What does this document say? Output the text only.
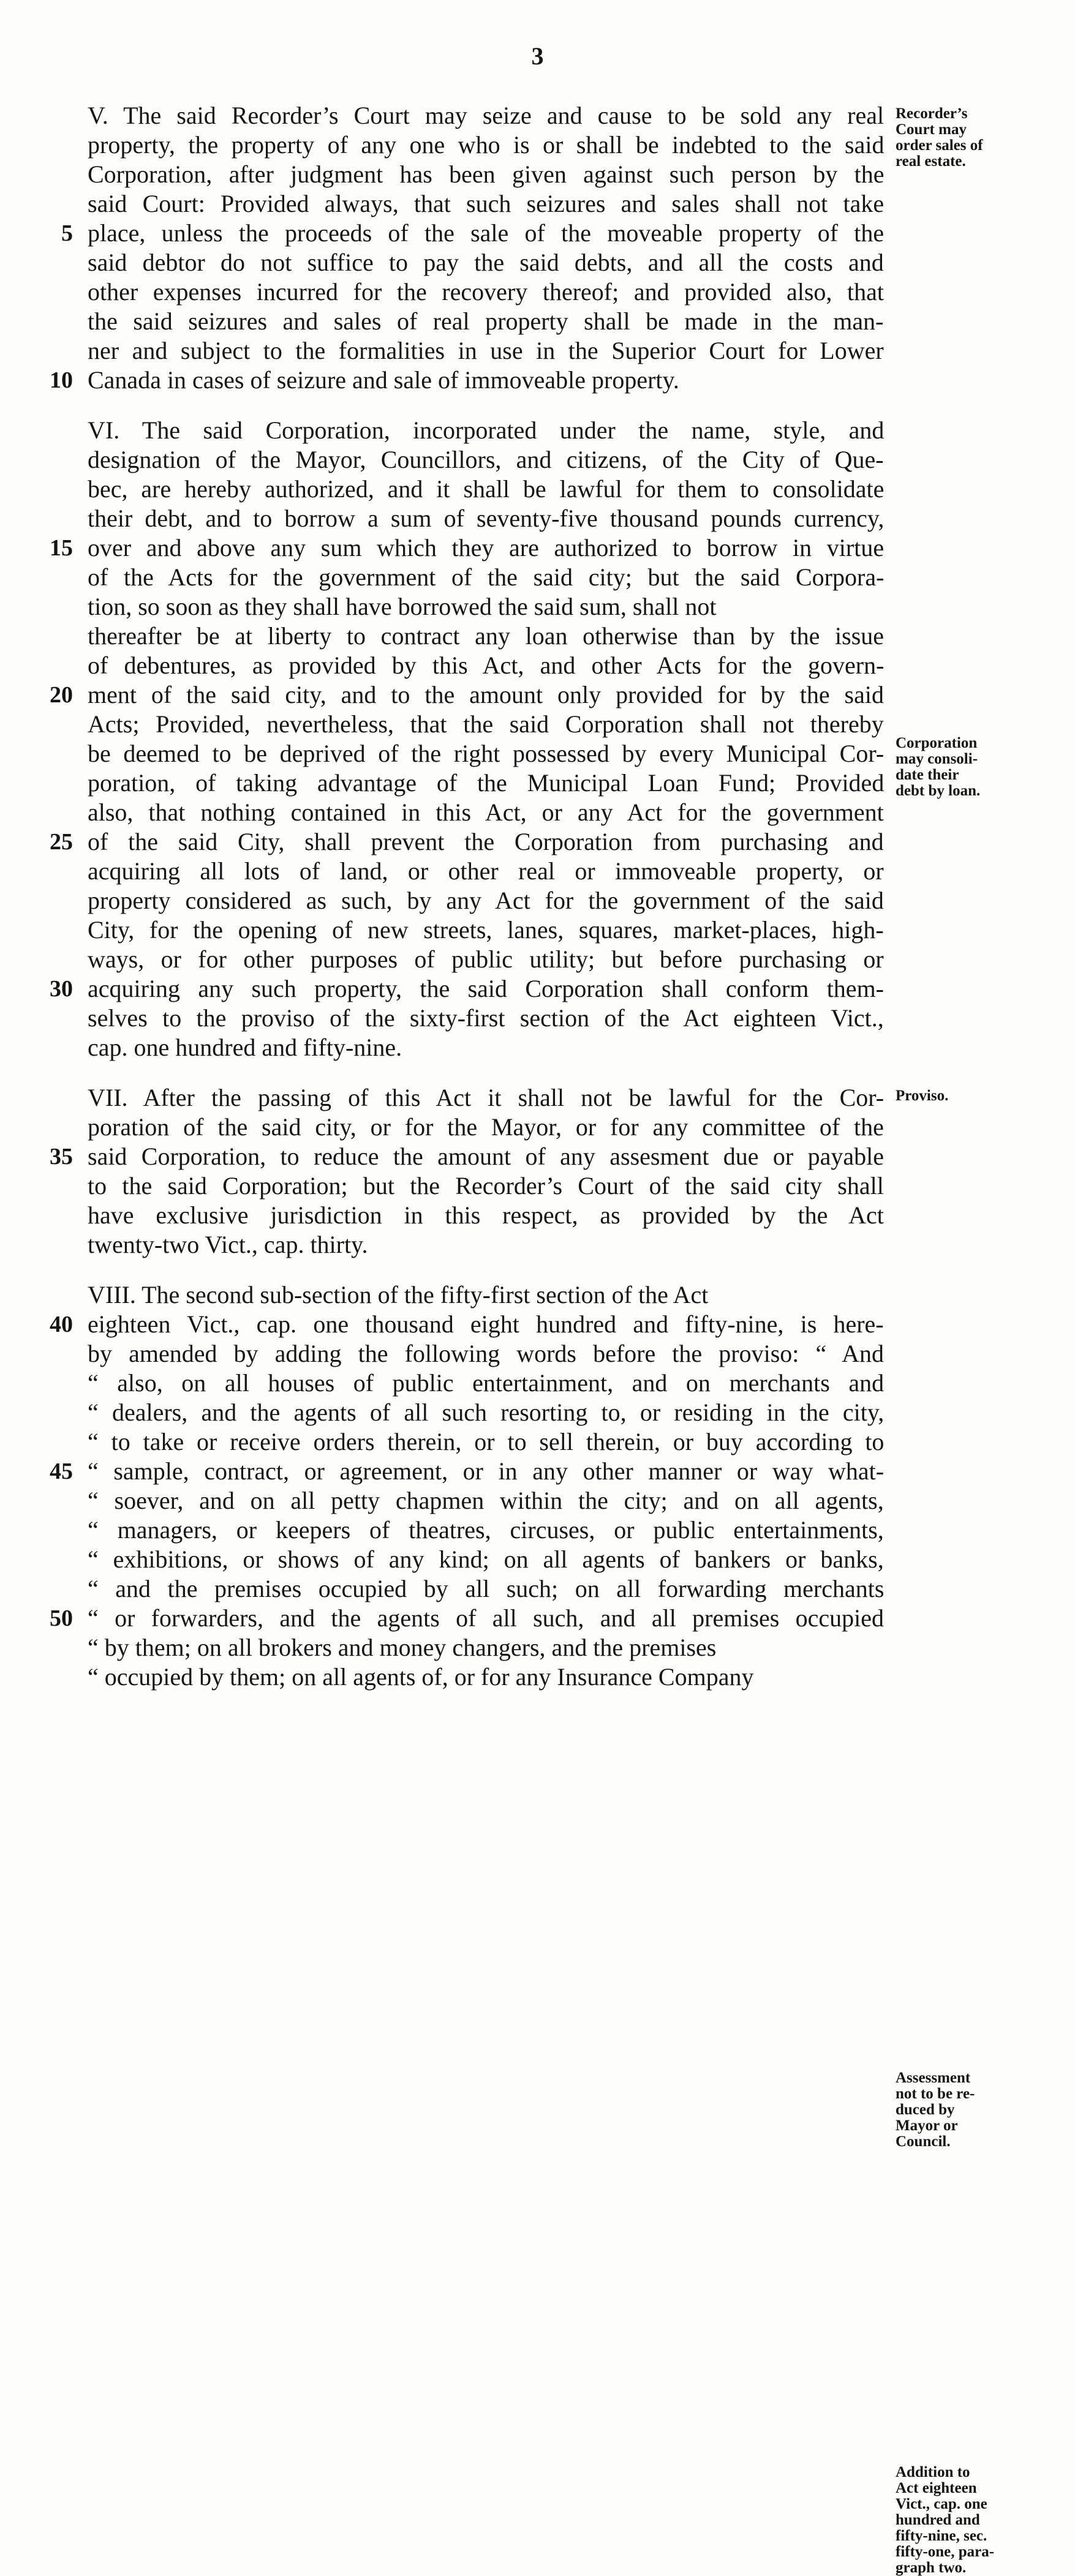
3
V. The said Recorder’s Court may seize and cause to be sold any real
property, the property of any one who is or shall be indebted to the said
Corporation, after judgment has been given against such person by the
said Court: Provided always, that such seizures and sales shall not take
5 place, unless the proceeds of the sale of the moveable property of the
said debtor do not suffice to pay the said debts, and all the costs and
other expenses incurred for the recovery thereof; and provided also, that
the said seizures and sales of real property shall be made in the man-
ner and subject to the formalities in use in the Superior Court for Lower
10 Canada in cases of seizure and sale of immoveable property.
VI. The said Corporation, incorporated under the name, style, and
designation of the Mayor, Councillors, and citizens, of the City of Que-
bec, are hereby authorized, and it shall be lawful for them to consolidate
their debt, and to borrow a sum of seventy-five thousand pounds currency,
15 over and above any sum which they are authorized to borrow in virtue
of the Acts for the government of the said city; but the said Corpora-
tion, so soon as they shall have borrowed the said sum, shall not
thereafter be at liberty to contract any loan otherwise than by the issue
of debentures, as provided by this Act, and other Acts for the govern-
20 ment of the said city, and to the amount only provided for by the said
Acts; Provided, nevertheless, that the said Corporation shall not thereby
be deemed to be deprived of the right possessed by every Municipal Cor-
poration, of taking advantage of the Municipal Loan Fund; Provided
also, that nothing contained in this Act, or any Act for the government
25 of the said City, shall prevent the Corporation from purchasing and
acquiring all lots of land, or other real or immoveable property, or
property considered as such, by any Act for the government of the said
City, for the opening of new streets, lanes, squares, market-places, high-
ways, or for other purposes of public utility; but before purchasing or
30 acquiring any such property, the said Corporation shall conform them-
selves to the proviso of the sixty-first section of the Act eighteen Vict.,
cap. one hundred and fifty-nine.
VII. After the passing of this Act it shall not be lawful for the Cor-
poration of the said city, or for the Mayor, or for any committee of the
35 said Corporation, to reduce the amount of any assesment due or payable
to the said Corporation; but the Recorder’s Court of the said city shall
have exclusive jurisdiction in this respect, as provided by the Act
twenty-two Vict., cap. thirty.
VIII. The second sub-section of the fifty-first section of the Act
40 eighteen Vict., cap. one thousand eight hundred and fifty-nine, is here-
by amended by adding the following words before the proviso: “ And
“ also, on all houses of public entertainment, and on merchants and
“ dealers, and the agents of all such resorting to, or residing in the city,
“ to take or receive orders therein, or to sell therein, or buy according to
45 “ sample, contract, or agreement, or in any other manner or way what-
“ soever, and on all petty chapmen within the city; and on all agents,
“ managers, or keepers of theatres, circuses, or public entertainments,
“ exhibitions, or shows of any kind; on all agents of bankers or banks,
“ and the premises occupied by all such; on all forwarding merchants
50 “ or forwarders, and the agents of all such, and all premises occupied
“ by them; on all brokers and money changers, and the premises
“ occupied by them; on all agents of, or for any Insurance Company
Recorder’s
Court may
order sales of
real estate.
Corporation
may consoli-
date their
debt by loan.
Proviso.
Assessment
not to be re-
duced by
Mayor or
Council.
Addition to
Act eighteen
Vict., cap. one
hundred and
fifty-nine, sec.
fifty-one, para-
graph two.
